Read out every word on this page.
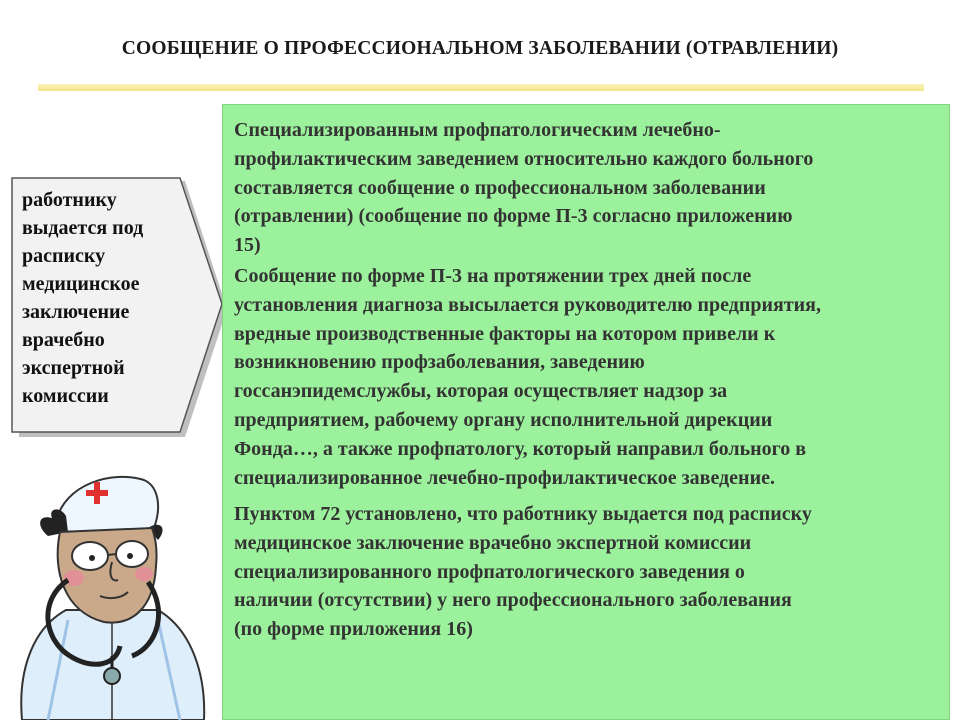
СООБЩЕНИЕ О ПРОФЕССИОНАЛЬНОМ ЗАБОЛЕВАНИИ (ОТРАВЛЕНИИ)
работнику
выдается под
расписку
медицинское
заключение
врачебно
экспертной
комиссии
Специализированным профпатологическим лечебно-
профилактическим заведением относительно каждого больного
составляется сообщение о профессиональном заболевании
(отравлении) (сообщение по форме П-3 согласно приложению
15)
Сообщение по форме П-3 на протяжении трех дней после
установления диагноза высылается руководителю предприятия,
вредные производственные факторы на котором привели к
возникновению профзаболевания, заведению
госсанэпидемслужбы, которая осуществляет надзор за
предприятием, рабочему органу исполнительной дирекции
Фонда…, а также профпатологу, который направил больного в
специализированное лечебно-профилактическое заведение.
Пунктом 72 установлено, что работнику выдается под расписку
медицинское заключение врачебно экспертной комиссии
специализированного профпатологического заведения о
наличии (отсутствии) у него профессионального заболевания
(по форме приложения 16)
